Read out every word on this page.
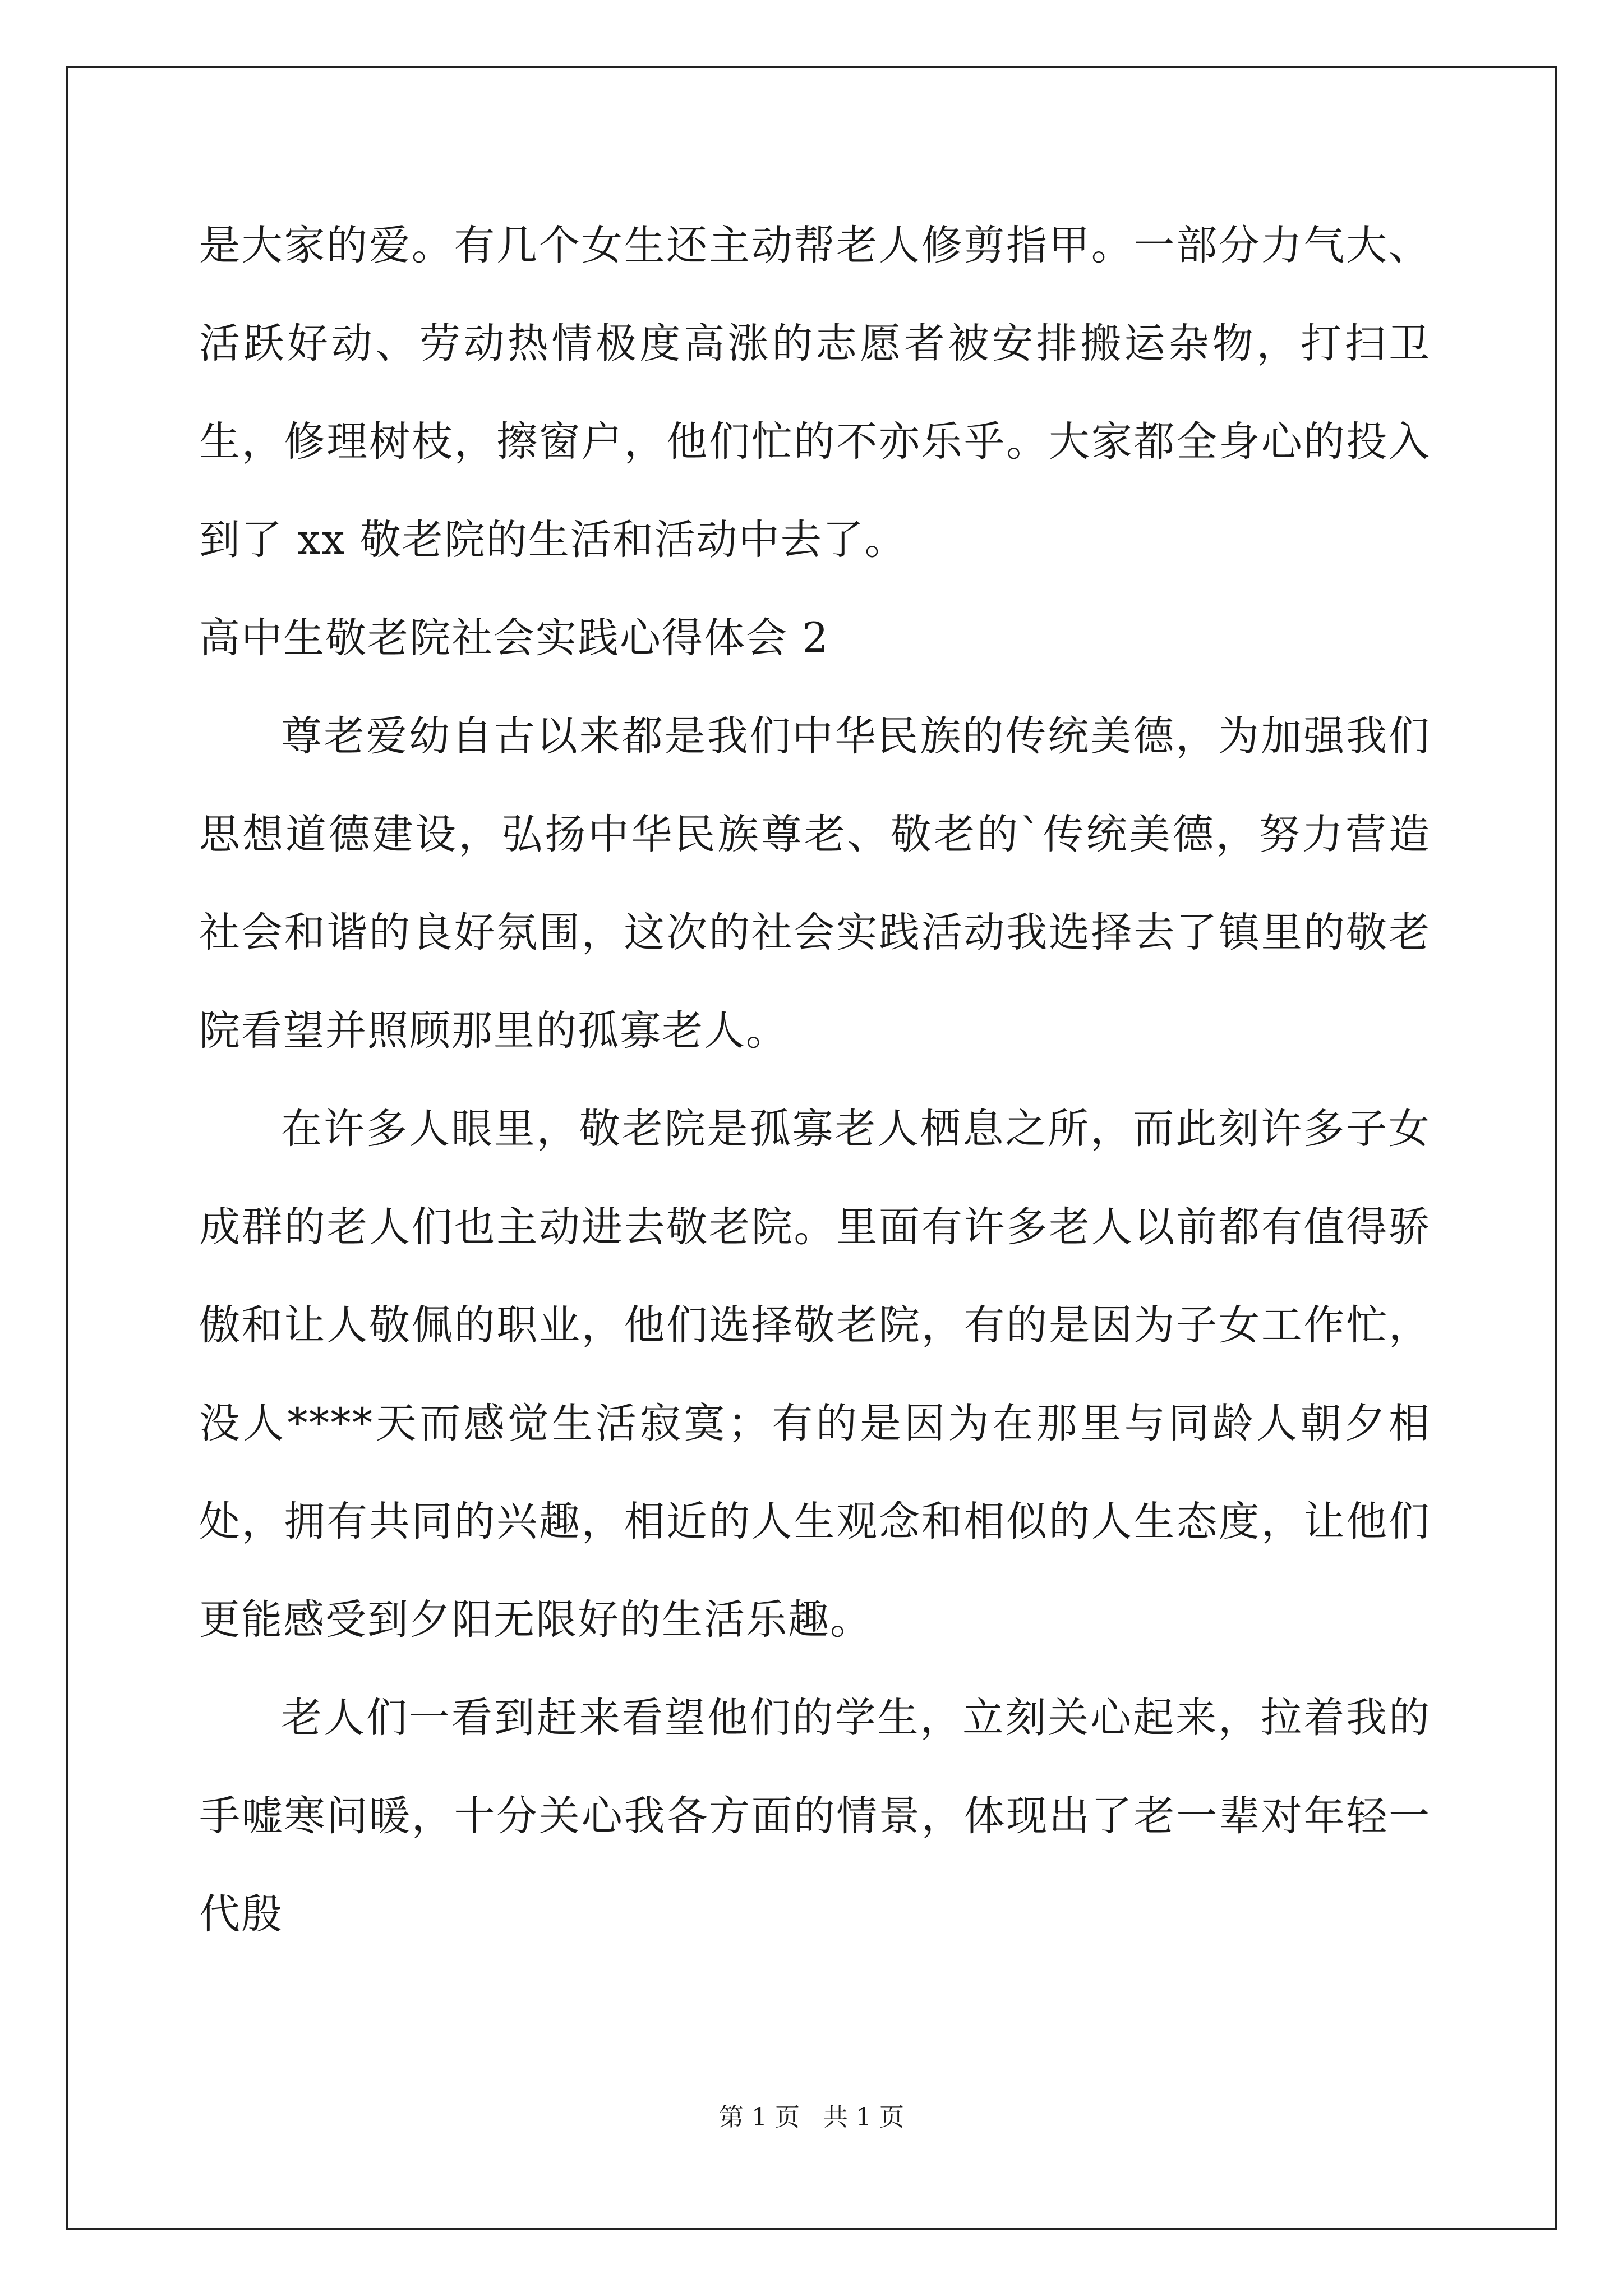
是大家的爱。有几个女生还主动帮老人修剪指甲。一部分力气大、活跃好动、劳动热情极度高涨的志愿者被安排搬运杂物，打扫卫生，修理树枝，擦窗户，他们忙的不亦乐乎。大家都全身心的投入到了 xx 敬老院的生活和活动中去了。

高中生敬老院社会实践心得体会 2

尊老爱幼自古以来都是我们中华民族的传统美德，为加强我们思想道德建设，弘扬中华民族尊老、敬老的`传统美德，努力营造社会和谐的良好氛围，这次的社会实践活动我选择去了镇里的敬老院看望并照顾那里的孤寡老人。

在许多人眼里，敬老院是孤寡老人栖息之所，而此刻许多子女成群的老人们也主动进去敬老院。里面有许多老人以前都有值得骄傲和让人敬佩的职业，他们选择敬老院，有的是因为子女工作忙，没人****天而感觉生活寂寞；有的是因为在那里与同龄人朝夕相处，拥有共同的兴趣，相近的人生观念和相似的人生态度，让他们更能感受到夕阳无限好的生活乐趣。

老人们一看到赶来看望他们的学生，立刻关心起来，拉着我的手嘘寒问暖，十分关心我各方面的情景，体现出了老一辈对年轻一代殷

第 1 页 共 1 页
